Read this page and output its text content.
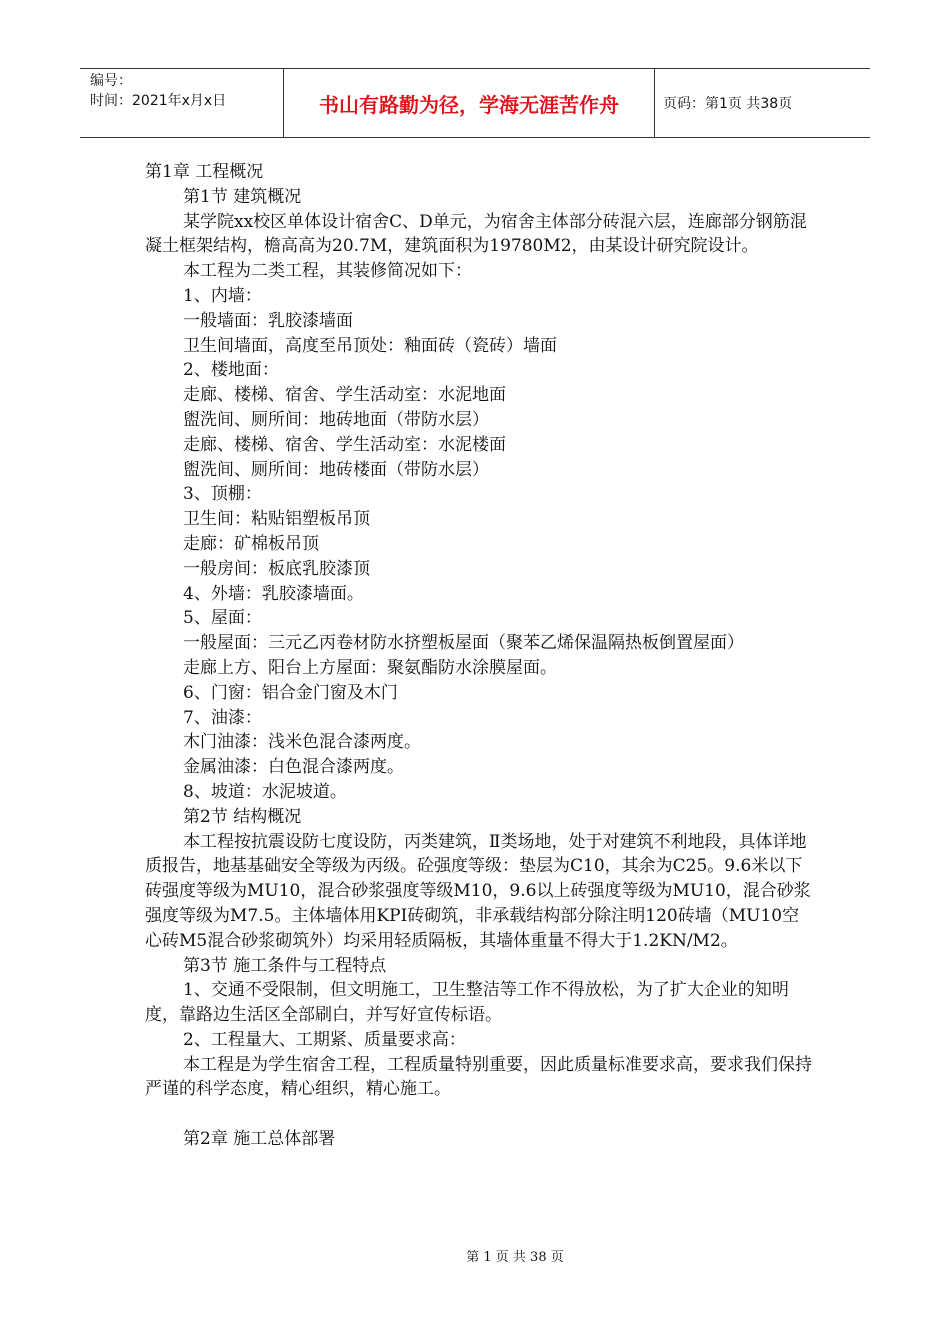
编号：
时间：2021年x月x日	书山有路勤为径，学海无涯苦作舟	页码：第1页 共38页

第1章 工程概况

第1节 建筑概况

某学院xx校区单体设计宿舍C、D单元，为宿舍主体部分砖混六层，连廊部分钢筋混凝土框架结构，檐高高为20.7M，建筑面积为19780M2，由某设计研究院设计。

本工程为二类工程，其装修简况如下：

1、内墙：

一般墙面：乳胶漆墙面

卫生间墙面，高度至吊顶处：釉面砖（瓷砖）墙面

2、楼地面：

走廊、楼梯、宿舍、学生活动室：水泥地面

盥洗间、厕所间：地砖地面（带防水层）

走廊、楼梯、宿舍、学生活动室：水泥楼面

盥洗间、厕所间：地砖楼面（带防水层）

3、顶棚：

卫生间：粘贴铝塑板吊顶

走廊：矿棉板吊顶

一般房间：板底乳胶漆顶

4、外墙：乳胶漆墙面。

5、屋面：

一般屋面：三元乙丙卷材防水挤塑板屋面（聚苯乙烯保温隔热板倒置屋面）

走廊上方、阳台上方屋面：聚氨酯防水涂膜屋面。

6、门窗：铝合金门窗及木门

7、油漆：

木门油漆：浅米色混合漆两度。

金属油漆：白色混合漆两度。

8、坡道：水泥坡道。

第2节 结构概况

本工程按抗震设防七度设防，丙类建筑，Ⅱ类场地，处于对建筑不利地段，具体详地质报告，地基基础安全等级为丙级。砼强度等级：垫层为C10，其余为C25。9.6米以下砖强度等级为MU10，混合砂浆强度等级M10，9.6以上砖强度等级为MU10，混合砂浆强度等级为M7.5。主体墙体用KPI砖砌筑，非承载结构部分除注明120砖墙（MU10空心砖M5混合砂浆砌筑外）均采用轻质隔板，其墙体重量不得大于1.2KN/M2。

第3节 施工条件与工程特点

1、交通不受限制，但文明施工，卫生整洁等工作不得放松，为了扩大企业的知明度，靠路边生活区全部刷白，并写好宣传标语。

2、工程量大、工期紧、质量要求高：

本工程是为学生宿舍工程，工程质量特别重要，因此质量标准要求高，要求我们保持严谨的科学态度，精心组织，精心施工。

第2章 施工总体部署

第 1 页 共 38 页
